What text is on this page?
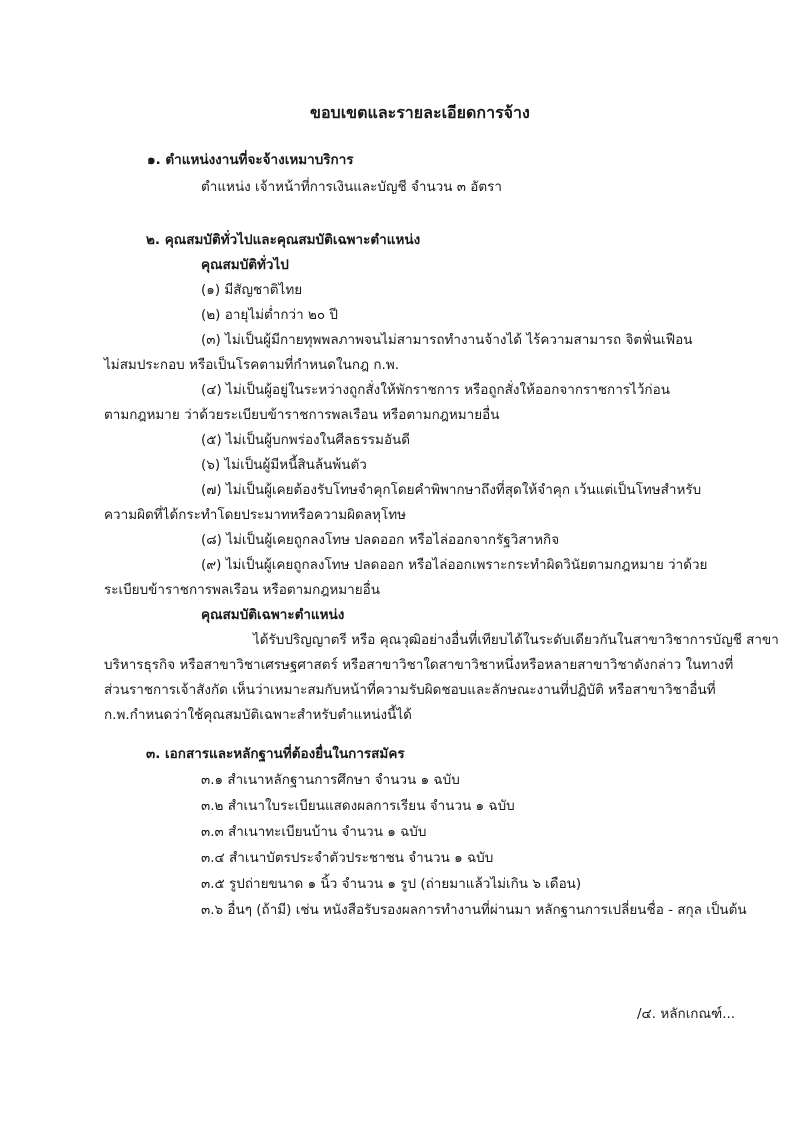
ขอบเขตและรายละเอียดการจ้าง
๑. ตำแหน่งงานที่จะจ้างเหมาบริการ
ตำแหน่ง เจ้าหน้าที่การเงินและบัญชี จำนวน ๓ อัตรา
๒. คุณสมบัติทั่วไปและคุณสมบัติเฉพาะตำแหน่ง
คุณสมบัติทั่วไป
(๑) มีสัญชาติไทย
(๒) อายุไม่ต่ำกว่า ๒๐ ปี
(๓) ไม่เป็นผู้มีกายทุพพลภาพจนไม่สามารถทำงานจ้างได้ ไร้ความสามารถ จิตฟั่นเฟือน
ไม่สมประกอบ หรือเป็นโรคตามที่กำหนดในกฎ ก.พ.
(๔) ไม่เป็นผู้อยู่ในระหว่างถูกสั่งให้พักราชการ หรือถูกสั่งให้ออกจากราชการไว้ก่อน
ตามกฎหมาย ว่าด้วยระเบียบข้าราชการพลเรือน หรือตามกฎหมายอื่น
(๕) ไม่เป็นผู้บกพร่องในศีลธรรมอันดี
(๖) ไม่เป็นผู้มีหนี้สินล้นพ้นตัว
(๗) ไม่เป็นผู้เคยต้องรับโทษจำคุกโดยคำพิพากษาถึงที่สุดให้จำคุก เว้นแต่เป็นโทษสำหรับ
ความผิดที่ได้กระทำโดยประมาทหรือความผิดลหุโทษ
(๘) ไม่เป็นผู้เคยถูกลงโทษ ปลดออก หรือไล่ออกจากรัฐวิสาหกิจ
(๙) ไม่เป็นผู้เคยถูกลงโทษ ปลดออก หรือไล่ออกเพราะกระทำผิดวินัยตามกฎหมาย ว่าด้วย
ระเบียบข้าราชการพลเรือน หรือตามกฎหมายอื่น
คุณสมบัติเฉพาะตำแหน่ง
ได้รับปริญญาตรี หรือ คุณวุฒิอย่างอื่นที่เทียบได้ในระดับเดียวกันในสาขาวิชาการบัญชี สาขา
บริหารธุรกิจ หรือสาขาวิชาเศรษฐศาสตร์ หรือสาขาวิชาใดสาขาวิชาหนึ่งหรือหลายสาขาวิชาดังกล่าว ในทางที่
ส่วนราชการเจ้าสังกัด เห็นว่าเหมาะสมกับหน้าที่ความรับผิดชอบและลักษณะงานที่ปฏิบัติ หรือสาขาวิชาอื่นที่
ก.พ.กำหนดว่าใช้คุณสมบัติเฉพาะสำหรับตำแหน่งนี้ได้
๓. เอกสารและหลักฐานที่ต้องยื่นในการสมัคร
๓.๑ สำเนาหลักฐานการศึกษา จำนวน ๑ ฉบับ
๓.๒ สำเนาใบระเบียนแสดงผลการเรียน จำนวน ๑ ฉบับ
๓.๓ สำเนาทะเบียนบ้าน จำนวน ๑ ฉบับ
๓.๔ สำเนาบัตรประจำตัวประชาชน จำนวน ๑ ฉบับ
๓.๕ รูปถ่ายขนาด ๑ นิ้ว จำนวน ๑ รูป (ถ่ายมาแล้วไม่เกิน ๖ เดือน)
๓.๖ อื่นๆ (ถ้ามี) เช่น หนังสือรับรองผลการทำงานที่ผ่านมา หลักฐานการเปลี่ยนชื่อ - สกุล เป็นต้น
/๔. หลักเกณฑ์...
